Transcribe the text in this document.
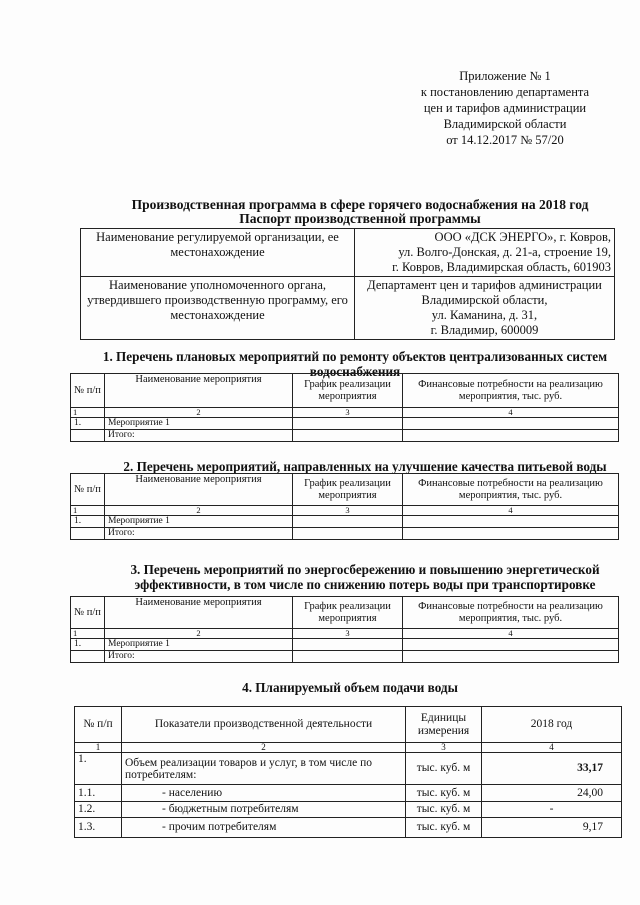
Приложение № 1
к постановлению департамента
цен и тарифов администрации
Владимирской области
от 14.12.2017 № 57/20
Производственная программа в сфере горячего водоснабжения на 2018 год
Паспорт производственной программы
Наименование регулируемой организации, ее местонахождение	ООО «ДСК ЭНЕРГО», г. Ковров,
ул. Волго-Донская, д. 21-а, строение 19,
г. Ковров, Владимирская область, 601903

Наименование уполномоченного органа, утвердившего производственную программу, его местонахождение	Департамент цен и тарифов администрации
Владимирской области,
ул. Каманина, д. 31,
г. Владимир, 600009
1. Перечень плановых мероприятий по ремонту объектов централизованных систем
водоснабжения
№ п/п	Наименование мероприятия	График реализации мероприятия	Финансовые потребности на реализацию мероприятия, тыс. руб.
1	2	3	4
1.	Мероприятие 1		
	Итого:		
2. Перечень мероприятий, направленных на улучшение качества питьевой воды
№ п/п	Наименование мероприятия	График реализации мероприятия	Финансовые потребности на реализацию мероприятия, тыс. руб.
1	2	3	4
1.	Мероприятие 1		
	Итого:		
3. Перечень мероприятий по энергосбережению и повышению энергетической
эффективности, в том числе по снижению потерь воды при транспортировке
№ п/п	Наименование мероприятия	График реализации мероприятия	Финансовые потребности на реализацию мероприятия, тыс. руб.
1	2	3	4
1.	Мероприятие 1		
	Итого:		
4. Планируемый объем подачи воды
№ п/п	Показатели производственной деятельности	Единицы измерения	2018 год
1	2	3	4
1.	Объем реализации товаров и услуг, в том числе по потребителям:	тыс. куб. м	33,17
1.1.	- населению	тыс. куб. м	24,00
1.2.	- бюджетным потребителям	тыс. куб. м	-
1.3.	- прочим потребителям	тыс. куб. м	9,17
